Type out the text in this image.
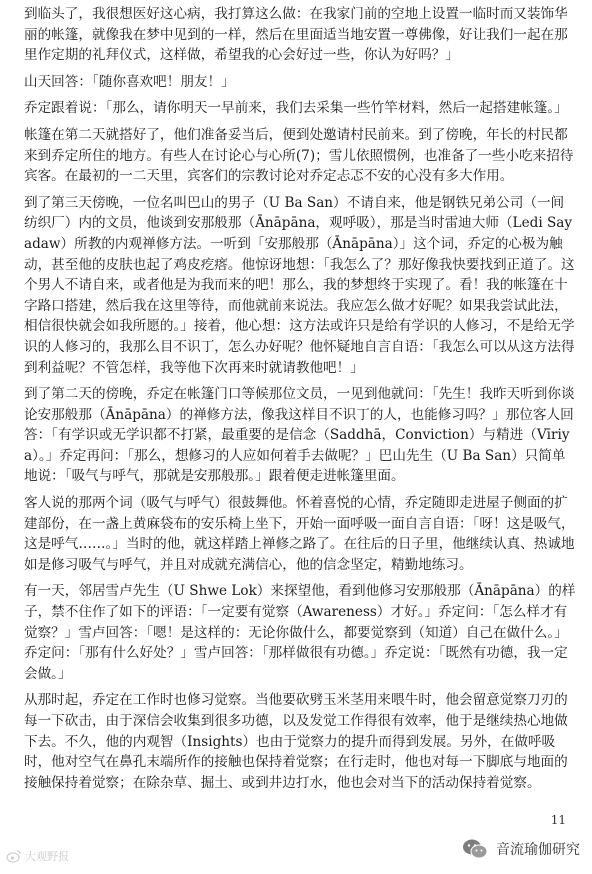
到临头了，我很想医好这心病，我打算这么做：在我家门前的空地上设置一临时而又装饰华丽的帐篷，就像我在梦中见到的一样，然后在里面适当地安置一尊佛像，好让我们一起在那里作定期的礼拜仪式，这样做，希望我的心会好过一些，你认为好吗？」

山天回答：「随你喜欢吧！朋友！」

乔定跟着说：「那么，请你明天一早前来，我们去采集一些竹竿材料，然后一起搭建帐篷。」

帐篷在第二天就搭好了，他们准备妥当后，便到处邀请村民前来。到了傍晚，年长的村民都来到乔定所住的地方。有些人在讨论心与心所(7)；雪儿依照惯例，也准备了一些小吃来招待宾客。在最初的一二天里，宾客们的宗教讨论对乔定忐忑不安的心没有多大作用。

到了第三天傍晚，一位名叫巴山的男子（U Ba San）不请自来，他是钢铁兄弟公司（一间纺织厂）内的文员，他谈到安那般那（Ānāpāna，观呼吸），那是当时雷迪大师（Ledi Sayadaw）所教的内观禅修方法。一听到「安那般那（Ānāpāna）」这个词，乔定的心极为触动，甚至他的皮肤也起了鸡皮疙瘩。他惊讶地想：「我怎么了？那好像我快要找到正道了。这个男人不请自来，或者他是为我而来的吧！那么，我的梦想终于实现了。看！我的帐篷在十字路口搭建，然后我在这里等待，而他就前来说法。我应怎么做才好呢？如果我尝试此法，相信很快就会如我所愿的。」接着，他心想：这方法或许只是给有学识的人修习，不是给无学识的人修习的，我那么目不识丁，怎么办好呢？他怀疑地自言自语：「我怎么可以从这方法得到利益呢？不管怎样，我等他下次再来时就请教他吧！」

到了第二天的傍晚，乔定在帐篷门口等候那位文员，一见到他就问：「先生！我昨天听到你谈论安那般那（Ānāpāna）的禅修方法，像我这样目不识丁的人，也能修习吗？」那位客人回答：「有学识或无学识都不打紧，最重要的是信念（Saddhā，Conviction）与精进（Vīriya）。」乔定再问：「那么，想修习的人应如何着手去做呢？」巴山先生（U Ba San）只简单地说：「吸气与呼气，那就是安那般那。」跟着便走进帐篷里面。

客人说的那两个词（吸气与呼气）很鼓舞他。怀着喜悦的心情，乔定随即走进屋子侧面的扩建部份，在一盏上黄麻袋布的安乐椅上坐下，开始一面呼吸一面自言自语：「呀！这是吸气，这是呼气……。」当时的他，就这样踏上禅修之路了。在往后的日子里，他继续认真、热诚地如是修习吸气与呼气，并且对成就充满信心，他的信念坚定，精勤地练习。

有一天，邻居雪卢先生（U Shwe Lok）来探望他，看到他修习安那般那（Ānāpāna）的样子，禁不住作了如下的评语：「一定要有觉察（Awareness）才好。」乔定问：「怎么样才有觉察？」雪卢回答：「嗯！是这样的：无论你做什么，都要觉察到（知道）自己在做什么。」乔定问：「那有什么好处？」雪卢回答：「那样做很有功德。」乔定说：「既然有功德，我一定会做。」

从那时起，乔定在工作时也修习觉察。当他要砍劈玉米茎用来喂牛时，他会留意觉察刀刃的每一下砍击，由于深信会收集到很多功德，以及发觉工作得很有效率，他于是继续热心地做下去。不久，他的内观智（Insights）也由于觉察力的提升而得到发展。另外，在做呼吸时，他对空气在鼻孔末端所作的接触也保持着觉察；在行走时，他也对每一下脚底与地面的接触保持着觉察；在除杂草、掘土、或到井边打水，他也会对当下的活动保持着觉察。

11
大观野报	音流瑜伽研究
